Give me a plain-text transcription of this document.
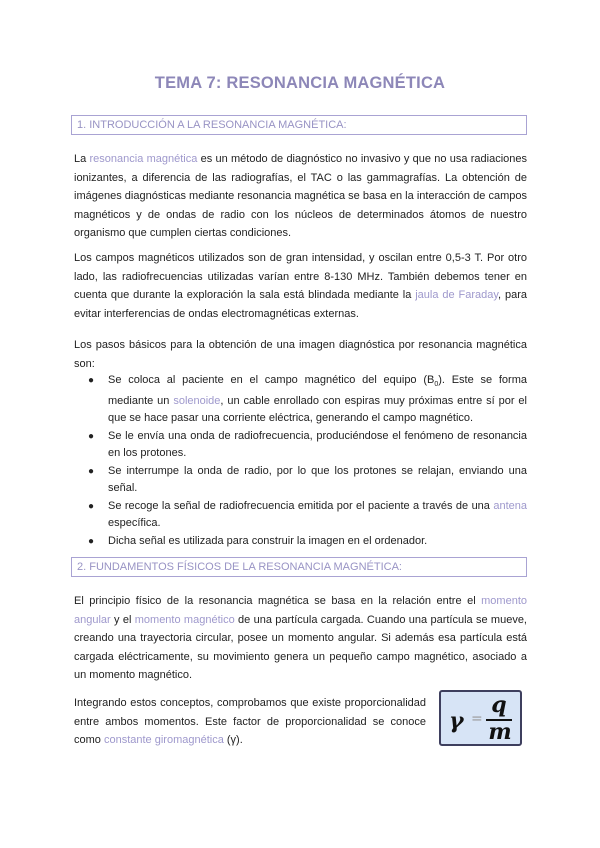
TEMA 7: RESONANCIA MAGNÉTICA
1. INTRODUCCIÓN A LA RESONANCIA MAGNÉTICA:
La resonancia magnética es un método de diagnóstico no invasivo y que no usa radiaciones ionizantes, a diferencia de las radiografías, el TAC o las gammagrafías. La obtención de imágenes diagnósticas mediante resonancia magnética se basa en la interacción de campos magnéticos y de ondas de radio con los núcleos de determinados átomos de nuestro organismo que cumplen ciertas condiciones.
Los campos magnéticos utilizados son de gran intensidad, y oscilan entre 0,5-3 T. Por otro lado, las radiofrecuencias utilizadas varían entre 8-130 MHz. También debemos tener en cuenta que durante la exploración la sala está blindada mediante la jaula de Faraday, para evitar interferencias de ondas electromagnéticas externas.
Los pasos básicos para la obtención de una imagen diagnóstica por resonancia magnética son:
● Se coloca al paciente en el campo magnético del equipo $(B_0)$. Este se forma mediante un solenoide, un cable enrollado con espiras muy próximas entre sí por el que se hace pasar una corriente eléctrica, generando el campo magnético.
● Se le envía una onda de radiofrecuencia, produciéndose el fenómeno de resonancia en los protones.
● Se interrumpe la onda de radio, por lo que los protones se relajan, enviando una señal.
● Se recoge la señal de radiofrecuencia emitida por el paciente a través de una antena específica.
● Dicha señal es utilizada para construir la imagen en el ordenador.
2. FUNDAMENTOS FÍSICOS DE LA RESONANCIA MAGNÉTICA:
El principio físico de la resonancia magnética se basa en la relación entre el momento angular y el momento magnético de una partícula cargada. Cuando una partícula se mueve, creando una trayectoria circular, posee un momento angular. Si además esa partícula está cargada eléctricamente, su movimiento genera un pequeño campo magnético, asociado a un momento magnético.
Integrando estos conceptos, comprobamos que existe proporcionalidad entre ambos momentos. Este factor de proporcionalidad se conoce como constante giromagnética (γ).
γ =
q
m
